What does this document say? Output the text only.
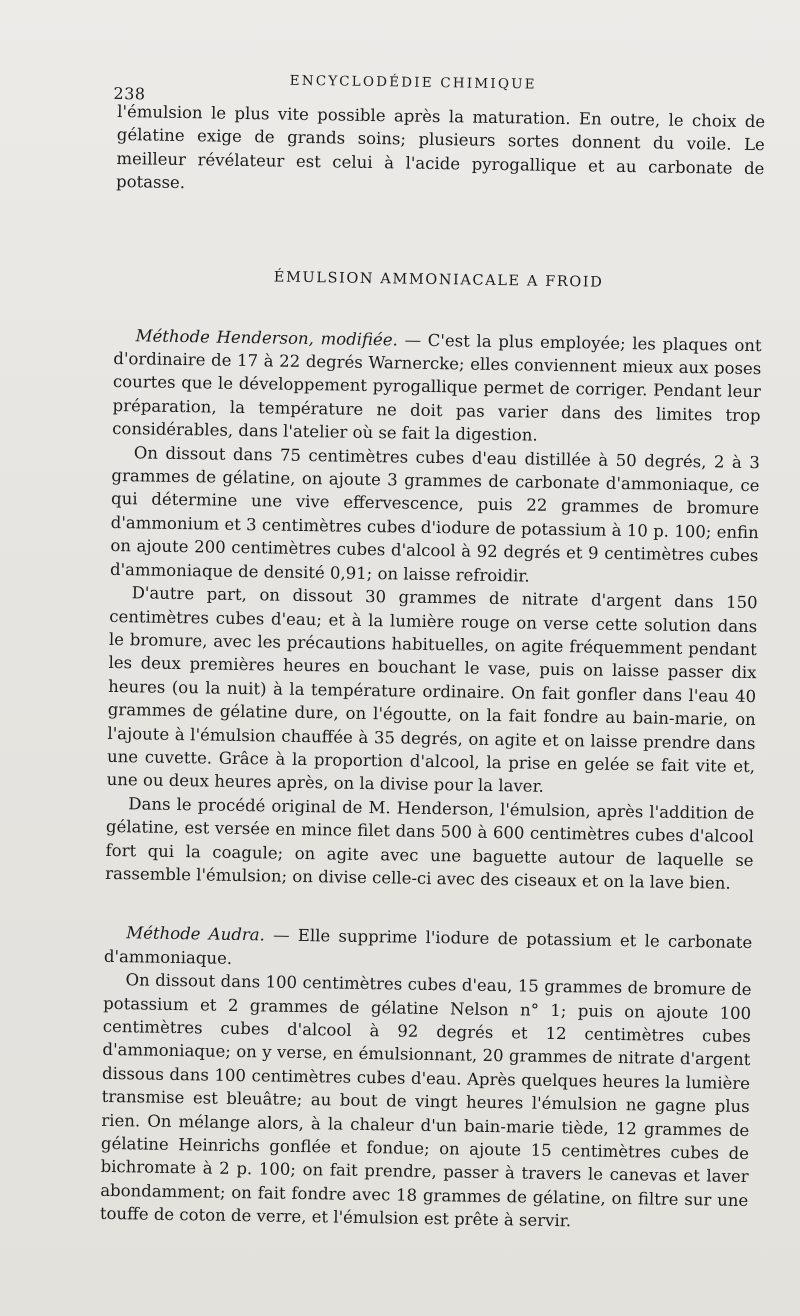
238
ENCYCLODÉDIE CHIMIQUE

l'émulsion le plus vite possible après la maturation. En outre, le choix de gélatine exige de grands soins; plusieurs sortes donnent du voile. Le meilleur révélateur est celui à l'acide pyrogallique et au carbonate de potasse.

ÉMULSION AMMONIACALE A FROID

Méthode Henderson, modifiée. — C'est la plus employée; les plaques ont d'ordinaire de 17 à 22 degrés Warnercke; elles conviennent mieux aux poses courtes que le développement pyrogallique permet de corriger. Pendant leur préparation, la température ne doit pas varier dans des limites trop considérables, dans l'atelier où se fait la digestion.

On dissout dans 75 centimètres cubes d'eau distillée à 50 degrés, 2 à 3 grammes de gélatine, on ajoute 3 grammes de carbonate d'ammoniaque, ce qui détermine une vive effervescence, puis 22 grammes de bromure d'ammonium et 3 centimètres cubes d'iodure de potassium à 10 p. 100; enfin on ajoute 200 centimètres cubes d'alcool à 92 degrés et 9 centimètres cubes d'ammoniaque de densité 0,91; on laisse refroidir.

D'autre part, on dissout 30 grammes de nitrate d'argent dans 150 centimètres cubes d'eau; et à la lumière rouge on verse cette solution dans le bromure, avec les précautions habituelles, on agite fréquemment pendant les deux premières heures en bouchant le vase, puis on laisse passer dix heures (ou la nuit) à la température ordinaire. On fait gonfler dans l'eau 40 grammes de gélatine dure, on l'égoutte, on la fait fondre au bain-marie, on l'ajoute à l'émulsion chauffée à 35 degrés, on agite et on laisse prendre dans une cuvette. Grâce à la proportion d'alcool, la prise en gelée se fait vite et, une ou deux heures après, on la divise pour la laver.

Dans le procédé original de M. Henderson, l'émulsion, après l'addition de gélatine, est versée en mince filet dans 500 à 600 centimètres cubes d'alcool fort qui la coagule; on agite avec une baguette autour de laquelle se rassemble l'émulsion; on divise celle-ci avec des ciseaux et on la lave bien.

Méthode Audra. — Elle supprime l'iodure de potassium et le carbonate d'ammoniaque.

On dissout dans 100 centimètres cubes d'eau, 15 grammes de bromure de potassium et 2 grammes de gélatine Nelson n° 1; puis on ajoute 100 centimètres cubes d'alcool à 92 degrés et 12 centimètres cubes d'ammoniaque; on y verse, en émulsionnant, 20 grammes de nitrate d'argent dissous dans 100 centimètres cubes d'eau. Après quelques heures la lumière transmise est bleuâtre; au bout de vingt heures l'émulsion ne gagne plus rien. On mélange alors, à la chaleur d'un bain-marie tiède, 12 grammes de gélatine Heinrichs gonflée et fondue; on ajoute 15 centimètres cubes de bichromate à 2 p. 100; on fait prendre, passer à travers le canevas et laver abondamment; on fait fondre avec 18 grammes de gélatine, on filtre sur une touffe de coton de verre, et l'émulsion est prête à servir.
